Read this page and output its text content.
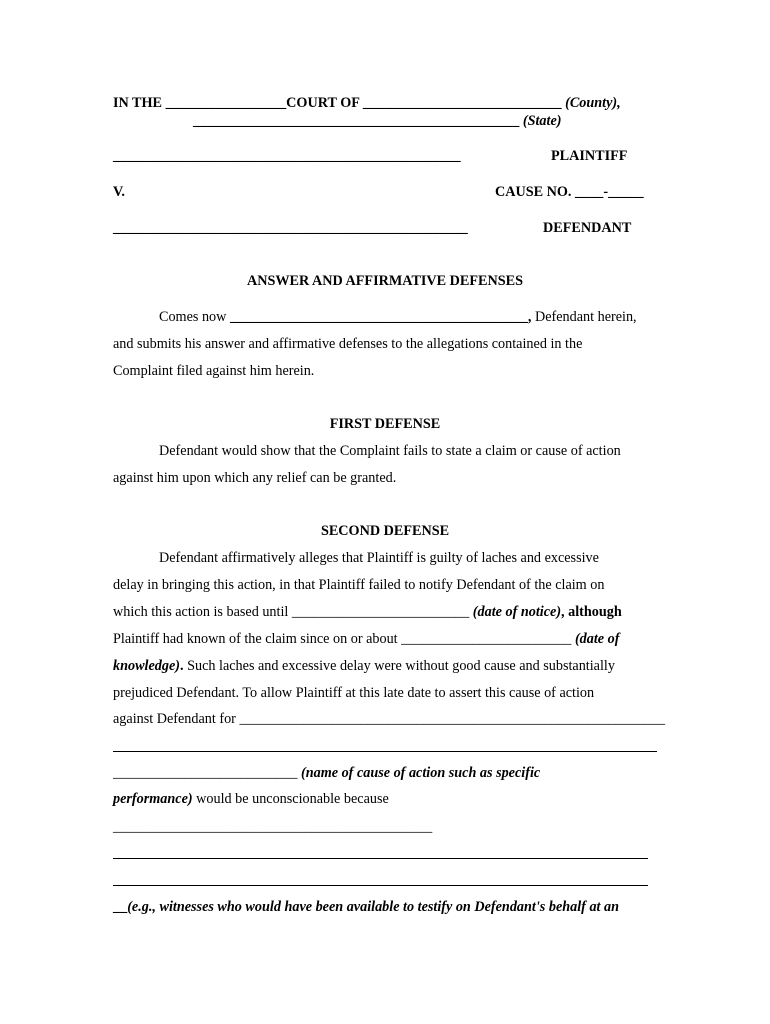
IN THE _________________COURT OF ____________________________ (County),
______________________________________________ (State)
_________________________________________________	PLAINTIFF
V.	CAUSE NO. ____-_____
__________________________________________________	DEFENDANT
ANSWER AND AFFIRMATIVE DEFENSES
Comes now __________________________________________, Defendant herein,
and submits his answer and affirmative defenses to the allegations contained in the
Complaint filed against him herein.
FIRST DEFENSE
Defendant would show that the Complaint fails to state a claim or cause of action
against him upon which any relief can be granted.
SECOND DEFENSE
Defendant affirmatively alleges that Plaintiff is guilty of laches and excessive
delay in bringing this action, in that Plaintiff failed to notify Defendant of the claim on
which this action is based until _________________________ (date of notice), although
Plaintiff had known of the claim since on or about ________________________ (date of
knowledge). Such laches and excessive delay were without good cause and substantially
prejudiced Defendant. To allow Plaintiff at this late date to assert this cause of action
against Defendant for ____________________________________________________________
__________________________ (name of cause of action such as specific
performance) would be unconscionable because
_____________________________________________
__(e.g., witnesses who would have been available to testify on Defendant's behalf at an
